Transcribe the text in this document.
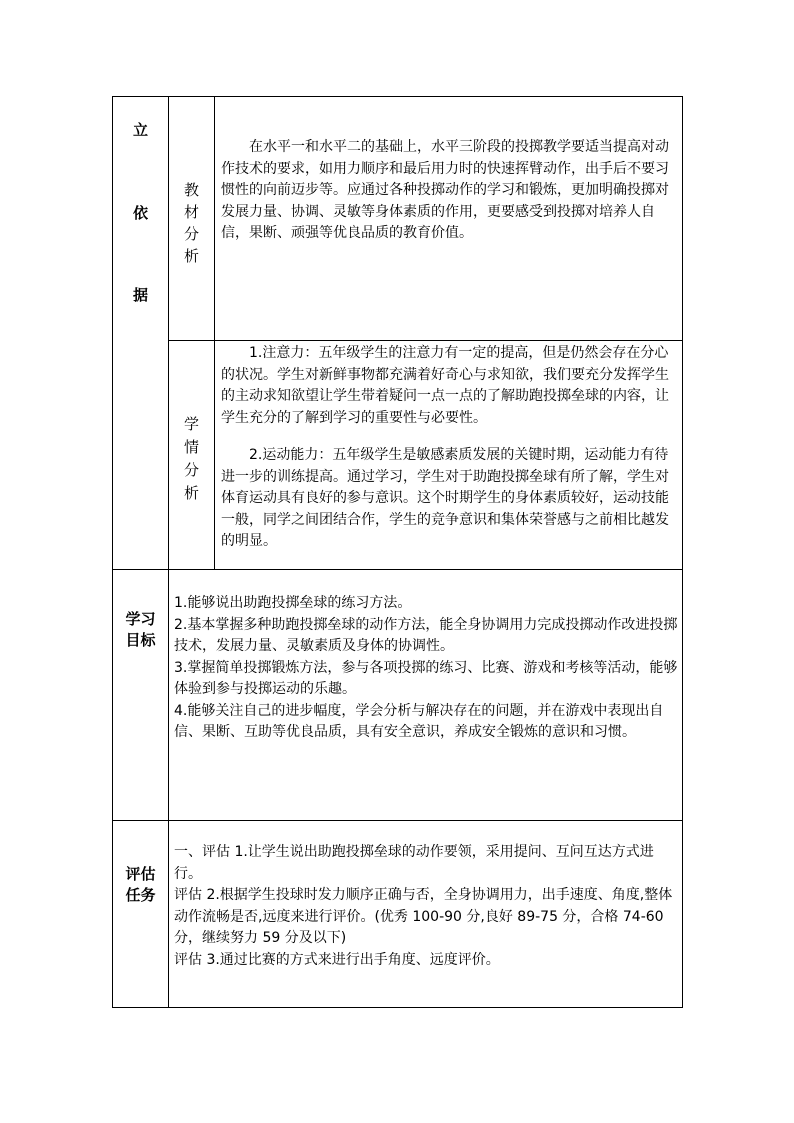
立
依
据
教
材
分
析

在水平一和水平二的基础上，水平三阶段的投掷教学要适当提高对动作技术的要求，如用力顺序和最后用力时的快速挥臂动作，出手后不要习惯性的向前迈步等。应通过各种投掷动作的学习和锻炼，更加明确投掷对发展力量、协调、灵敏等身体素质的作用，更要感受到投掷对培养人自信，果断、顽强等优良品质的教育价值。

学
情
分
析

1.注意力：五年级学生的注意力有一定的提高，但是仍然会存在分心的状况。学生对新鲜事物都充满着好奇心与求知欲，我们要充分发挥学生的主动求知欲望让学生带着疑问一点一点的了解助跑投掷垒球的内容，让学生充分的了解到学习的重要性与必要性。

2.运动能力：五年级学生是敏感素质发展的关键时期，运动能力有待进一步的训练提高。通过学习，学生对于助跑投掷垒球有所了解，学生对体育运动具有良好的参与意识。这个时期学生的身体素质较好，运动技能一般，同学之间团结合作，学生的竞争意识和集体荣誉感与之前相比越发的明显。

学习
目标

1.能够说出助跑投掷垒球的练习方法。

2.基本掌握多种助跑投掷垒球的动作方法，能全身协调用力完成投掷动作改进投掷技术，发展力量、灵敏素质及身体的协调性。

3.掌握简单投掷锻炼方法，参与各项投掷的练习、比赛、游戏和考核等活动，能够体验到参与投掷运动的乐趣。

4.能够关注自己的进步幅度，学会分析与解决存在的问题，并在游戏中表现出自信、果断、互助等优良品质，具有安全意识，养成安全锻炼的意识和习惯。

评估
任务

一、评估 1.让学生说出助跑投掷垒球的动作要领，采用提问、互问互达方式进行。

评估 2.根据学生投球时发力顺序正确与否，全身协调用力，出手速度、角度,整体动作流畅是否,远度来进行评价。(优秀 100-90 分,良好 89-75 分，合格 74-60 分，继续努力 59 分及以下)

评估 3.通过比赛的方式来进行出手角度、远度评价。
